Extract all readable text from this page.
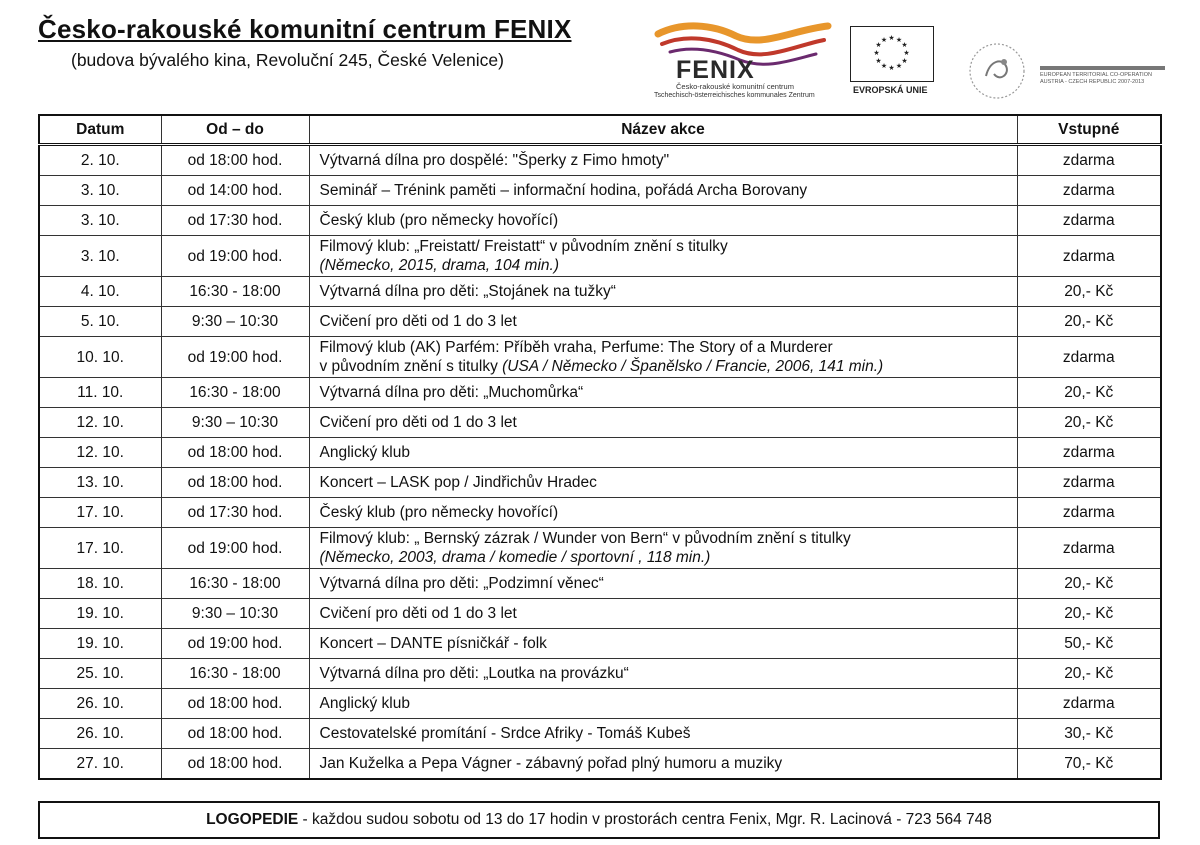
Česko-rakouské komunitní centrum FENIX
(budova bývalého kina, Revoluční 245, České Velenice)	FENIX
Česko-rakouské komunitní centrum
Tschechisch-österreichisches kommunales Zentrum
★ ★
★
★
★
★
★
★
★
★
★
★
EVROPSKÁ UNIE
EUROPEAN TERRITORIAL CO-OPERATION AUSTRIA - CZECH REPUBLIC 2007-2013
Datum	Od – do	Název akce	Vstupné
2. 10.	od 18:00 hod.	Výtvarná dílna pro dospělé: "Šperky z Fimo hmoty"	zdarma
3. 10.	od 14:00 hod.	Seminář – Trénink paměti – informační hodina, pořádá Archa Borovany	zdarma
3. 10.	od 17:30 hod.	Český klub (pro německy hovořící)	zdarma
3. 10.	od 19:00 hod.	Filmový klub: „Freistatt/ Freistatt“ v původním znění s titulky
(Německo, 2015, drama, 104 min.)	zdarma
4. 10.	16:30 - 18:00	Výtvarná dílna pro děti: „Stojánek na tužky“	20,- Kč
5. 10.	9:30 – 10:30	Cvičení pro děti od 1 do 3 let	20,- Kč
10. 10.	od 19:00 hod.	Filmový klub (AK) Parfém: Příběh vraha, Perfume: The Story of a Murderer
v původním znění s titulky (USA / Německo / Španělsko / Francie, 2006, 141 min.)	zdarma
11. 10.	16:30 - 18:00	Výtvarná dílna pro děti: „Muchomůrka“	20,- Kč
12. 10.	9:30 – 10:30	Cvičení pro děti od 1 do 3 let	20,- Kč
12. 10.	od 18:00 hod.	Anglický klub	zdarma
13. 10.	od 18:00 hod.	Koncert – LASK pop / Jindřichův Hradec	zdarma
17. 10.	od 17:30 hod.	Český klub (pro německy hovořící)	zdarma
17. 10.	od 19:00 hod.	Filmový klub: „ Bernský zázrak / Wunder von Bern“ v původním znění s titulky
(Německo, 2003, drama / komedie / sportovní , 118 min.)	zdarma
18. 10.	16:30 - 18:00	Výtvarná dílna pro děti: „Podzimní věnec“	20,- Kč
19. 10.	9:30 – 10:30	Cvičení pro děti od 1 do 3 let	20,- Kč
19. 10.	od 19:00 hod.	Koncert – DANTE písničkář - folk	50,- Kč
25. 10.	16:30 - 18:00	Výtvarná dílna pro děti: „Loutka na provázku“	20,- Kč
26. 10.	od 18:00 hod.	Anglický klub	zdarma
26. 10.	od 18:00 hod.	Cestovatelské promítání - Srdce Afriky - Tomáš Kubeš	30,- Kč
27. 10.	od 18:00 hod.	Jan Kuželka a Pepa Vágner - zábavný pořad plný humoru a muziky	70,- Kč
LOGOPEDIE - každou sudou sobotu od 13 do 17 hodin v prostorách centra Fenix, Mgr. R. Lacinová - 723 564 748
